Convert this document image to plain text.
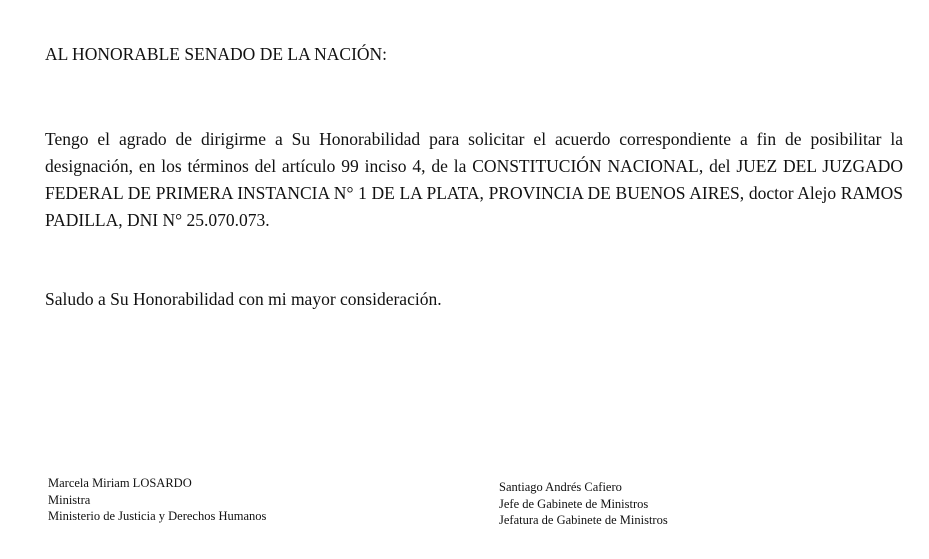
AL HONORABLE SENADO DE LA NACIÓN:
Tengo el agrado de dirigirme a Su Honorabilidad para solicitar el acuerdo correspondiente a fin de posibilitar la designación, en los términos del artículo 99 inciso 4, de la CONSTITUCIÓN NACIONAL, del JUEZ DEL JUZGADO FEDERAL DE PRIMERA INSTANCIA N° 1 DE LA PLATA, PROVINCIA DE BUENOS AIRES, doctor Alejo RAMOS PADILLA, DNI N° 25.070.073.
Saludo a Su Honorabilidad con mi mayor consideración.
Marcela Miriam LOSARDO
Ministra
Ministerio de Justicia y Derechos Humanos
Santiago Andrés Cafiero
Jefe de Gabinete de Ministros
Jefatura de Gabinete de Ministros
